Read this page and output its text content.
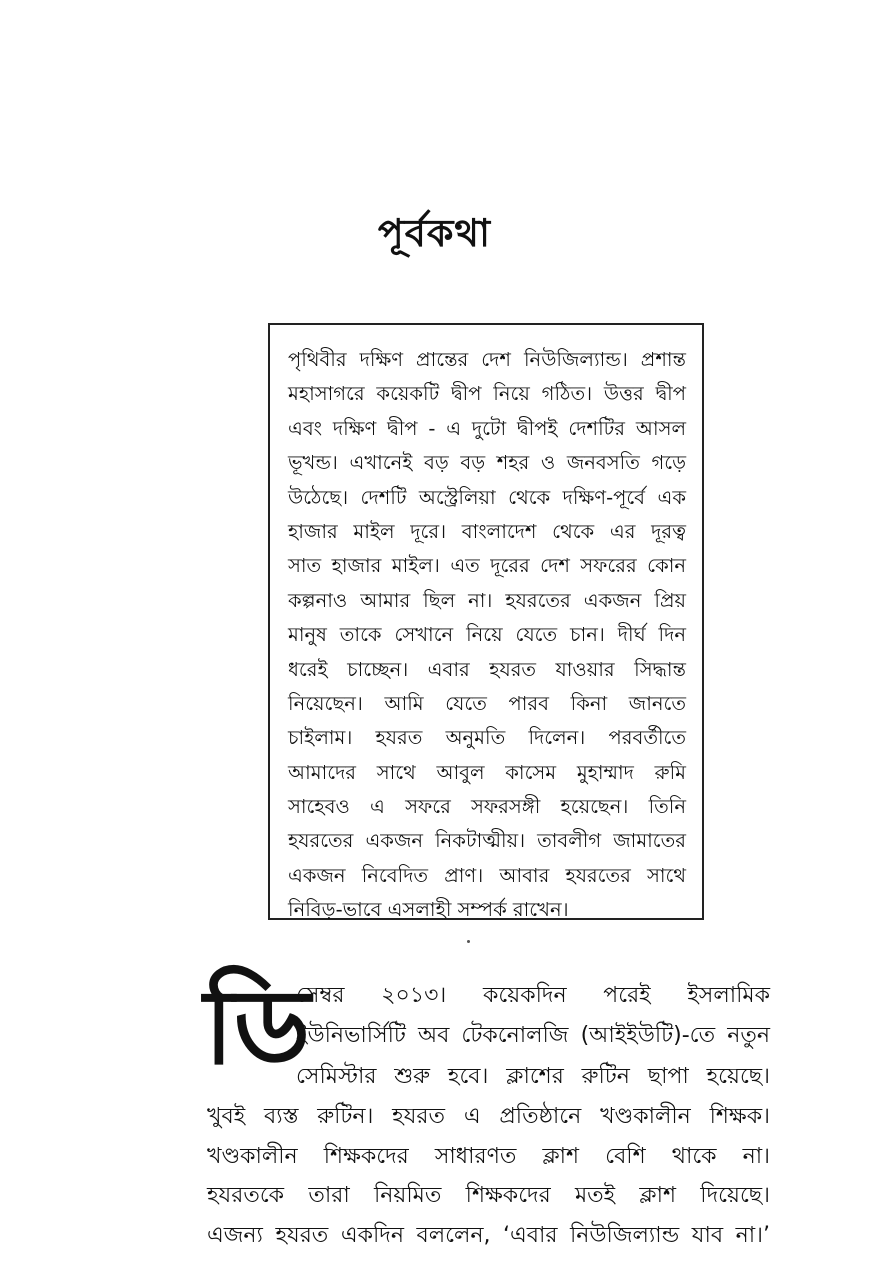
পূর্বকথা
পৃথিবীর দক্ষিণ প্রান্তের দেশ নিউজিল্যান্ড। প্রশান্ত
মহাসাগরে কয়েকটি দ্বীপ নিয়ে গঠিত। উত্তর দ্বীপ
এবং দক্ষিণ দ্বীপ - এ দুটো দ্বীপই দেশটির আসল
ভূখন্ড। এখানেই বড় বড় শহর ও জনবসতি গড়ে
উঠেছে। দেশটি অস্ট্রেলিয়া থেকে দক্ষিণ-পূর্বে এক
হাজার মাইল দূরে। বাংলাদেশ থেকে এর দূরত্ব
সাত হাজার মাইল। এত দূরের দেশ সফরের কোন
কল্পনাও আমার ছিল না। হযরতের একজন প্রিয়
মানুষ তাকে সেখানে নিয়ে যেতে চান। দীর্ঘ দিন
ধরেই চাচ্ছেন। এবার হযরত যাওয়ার সিদ্ধান্ত
নিয়েছেন। আমি যেতে পারব কিনা জানতে
চাইলাম। হযরত অনুমতি দিলেন। পরবর্তীতে
আমাদের সাথে আবুল কাসেম মুহাম্মাদ রুমি
সাহেবও এ সফরে সফরসঙ্গী হয়েছেন। তিনি
হযরতের একজন নিকটাত্মীয়। তাবলীগ জামাতের
একজন নিবেদিত প্রাণ। আবার হযরতের সাথে
নিবিড়-ভাবে এসলাহী সম্পর্ক রাখেন।
ডি
সেম্বর ২০১৩। কয়েকদিন পরেই ইসলামিক
ইউনিভার্সিটি অব টেকনোলজি (আইইউটি)-তে নতুন
সেমিস্টার শুরু হবে। ক্লাশের রুটিন ছাপা হয়েছে।
খুবই ব্যস্ত রুটিন। হযরত এ প্রতিষ্ঠানে খণ্ডকালীন শিক্ষক।
খণ্ডকালীন শিক্ষকদের সাধারণত ক্লাশ বেশি থাকে না।
হযরতকে তারা নিয়মিত শিক্ষকদের মতই ক্লাশ দিয়েছে।
এজন্য হযরত একদিন বললেন, ‘এবার নিউজিল্যান্ড যাব না।’
